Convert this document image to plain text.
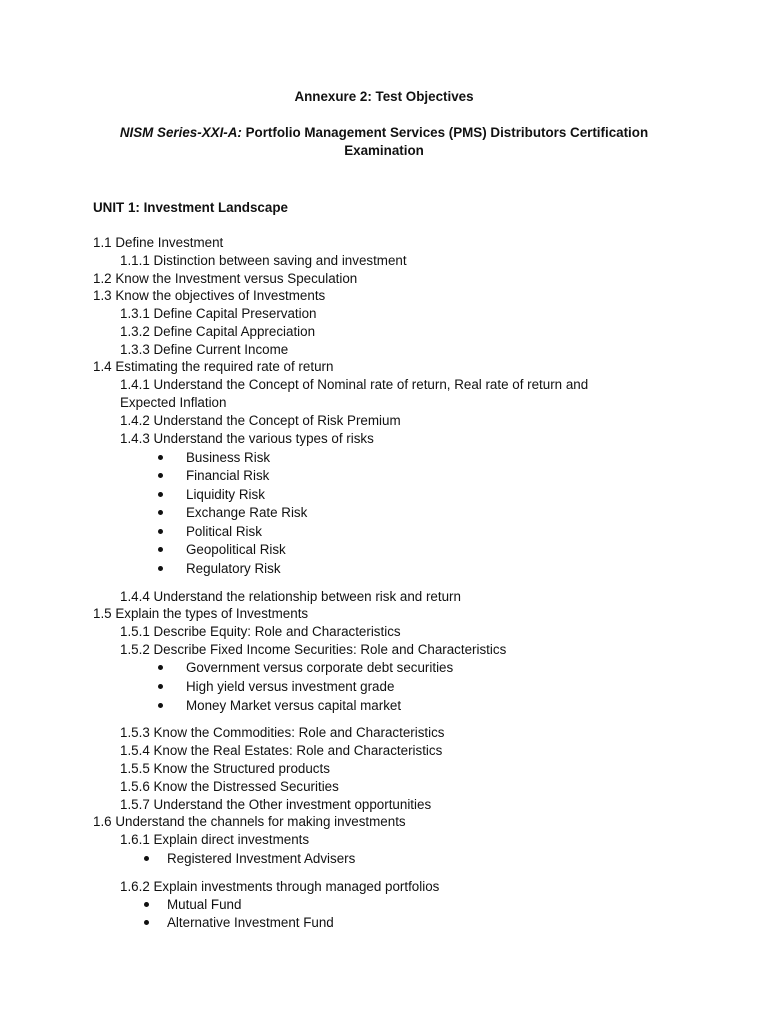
Annexure 2: Test Objectives
NISM Series-XXI-A: Portfolio Management Services (PMS) Distributors Certification
Examination
UNIT 1: Investment Landscape
1.1 Define Investment
1.1.1 Distinction between saving and investment
1.2 Know the Investment versus Speculation
1.3 Know the objectives of Investments
1.3.1 Define Capital Preservation
1.3.2 Define Capital Appreciation
1.3.3 Define Current Income
1.4 Estimating the required rate of return
1.4.1 Understand the Concept of Nominal rate of return, Real rate of return and
Expected Inflation
1.4.2 Understand the Concept of Risk Premium
1.4.3 Understand the various types of risks
Business Risk
Financial Risk
Liquidity Risk
Exchange Rate Risk
Political Risk
Geopolitical Risk
Regulatory Risk
1.4.4 Understand the relationship between risk and return
1.5 Explain the types of Investments
1.5.1 Describe Equity: Role and Characteristics
1.5.2 Describe Fixed Income Securities: Role and Characteristics
Government versus corporate debt securities
High yield versus investment grade
Money Market versus capital market
1.5.3 Know the Commodities: Role and Characteristics
1.5.4 Know the Real Estates: Role and Characteristics
1.5.5 Know the Structured products
1.5.6 Know the Distressed Securities
1.5.7 Understand the Other investment opportunities
1.6 Understand the channels for making investments
1.6.1 Explain direct investments
Registered Investment Advisers
1.6.2 Explain investments through managed portfolios
Mutual Fund
Alternative Investment Fund
